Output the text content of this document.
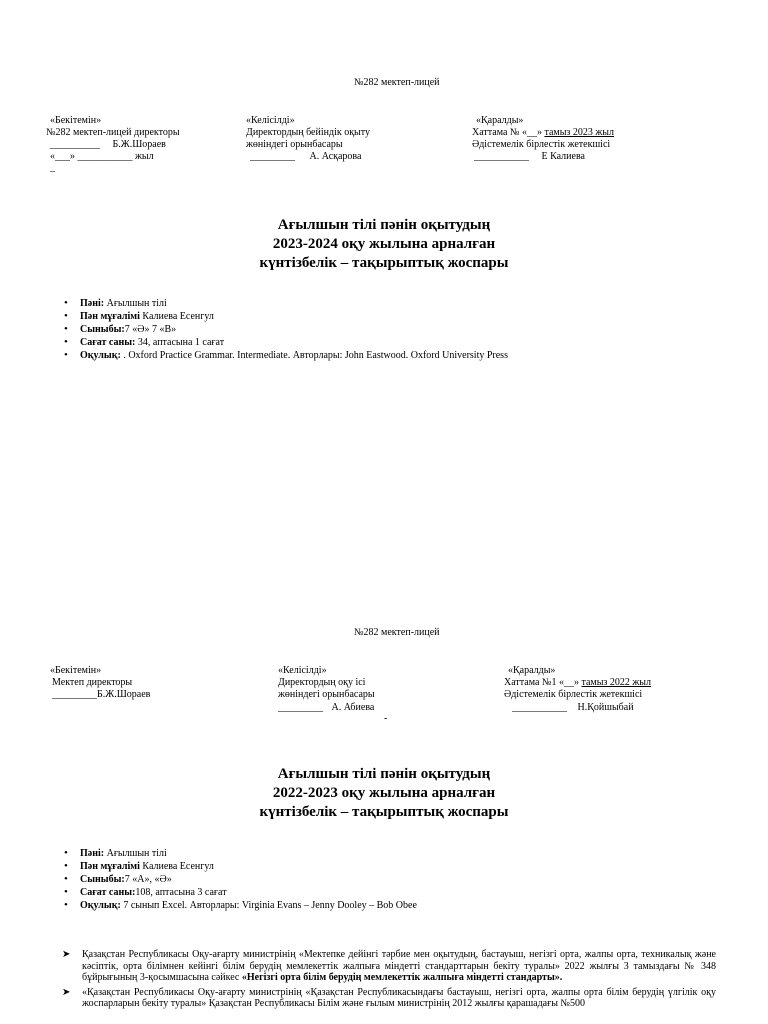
№282 мектеп-лицей
«Бекітемін»
№282 мектеп-лицей директоры
__________ Б.Ж.Шораев
«___» ___________ жыл
_
«Келісілді»
Директордың бейіндік оқыту
жөніндегі орынбасары
_________ А. Асқарова
«Қаралды»
Хаттама № «__» тамыз 2023 жыл
Әдістемелік бірлестік жетекшісі
___________ Е Калиева
Ағылшын тілі пәнін оқытудың
2023-2024 оқу жылына арналған
күнтізбелік – тақырыптық жоспары
• Пәні: Ағылшын тілі
• Пән мұғалімі Калиева Есенгул
• Сыныбы:7 «Ә» 7 «В»
• Сағат саны: 34, аптасына 1 сағат
• Оқулық: . Oxford Practice Grammar. Intermediate. Авторлары: John Eastwood. Oxford University Press
№282 мектеп-лицей
«Бекітемін»
Мектеп директоры
_________Б.Ж.Шораев
«Келісілді»
Директордың оқу ісі
жөніндегі орынбасары
_________ А. Абиева
-
«Қаралды»
Хаттама №1 «__» тамыз 2022 жыл
Әдістемелік бірлестік жетекшісі
___________ Н.Қойшыбай
Ағылшын тілі пәнін оқытудың
2022-2023 оқу жылына арналған
күнтізбелік – тақырыптық жоспары
• Пәні: Ағылшын тілі
• Пән мұғалімі Калиева Есенгул
• Сыныбы:7 «А», «Ә»
• Сағат саны:108, аптасына 3 сағат
• Оқулық: 7 сынып Excel. Авторлары: Virginia Evans – Jenny Dooley – Bob Obee
➤ Қазақстан Республикасы Оқу-ағарту министрінің «Мектепке дейінгі тәрбие мен оқытудың, бастауыш, негізгі орта, жалпы орта, техникалық және кәсіптік, орта білімнен кейінгі білім берудің мемлекеттік жалпыға міндетті стандарттарын бекіту туралы» 2022 жылғы 3 тамыздағы № 348 бұйрығының 3-қосымшасына сәйкес «Негізгі орта білім берудің мемлекеттік жалпыға міндетті стандарты».
➤ «Қазақстан Республикасы Оқу-ағарту министрінің «Қазақстан Республикасындағы бастауыш, негізгі орта, жалпы орта білім берудің үлгілік оқу жоспарларын бекіту туралы» Қазақстан Республикасы Білім және ғылым министрінің 2012 жылғы қарашадағы №500
